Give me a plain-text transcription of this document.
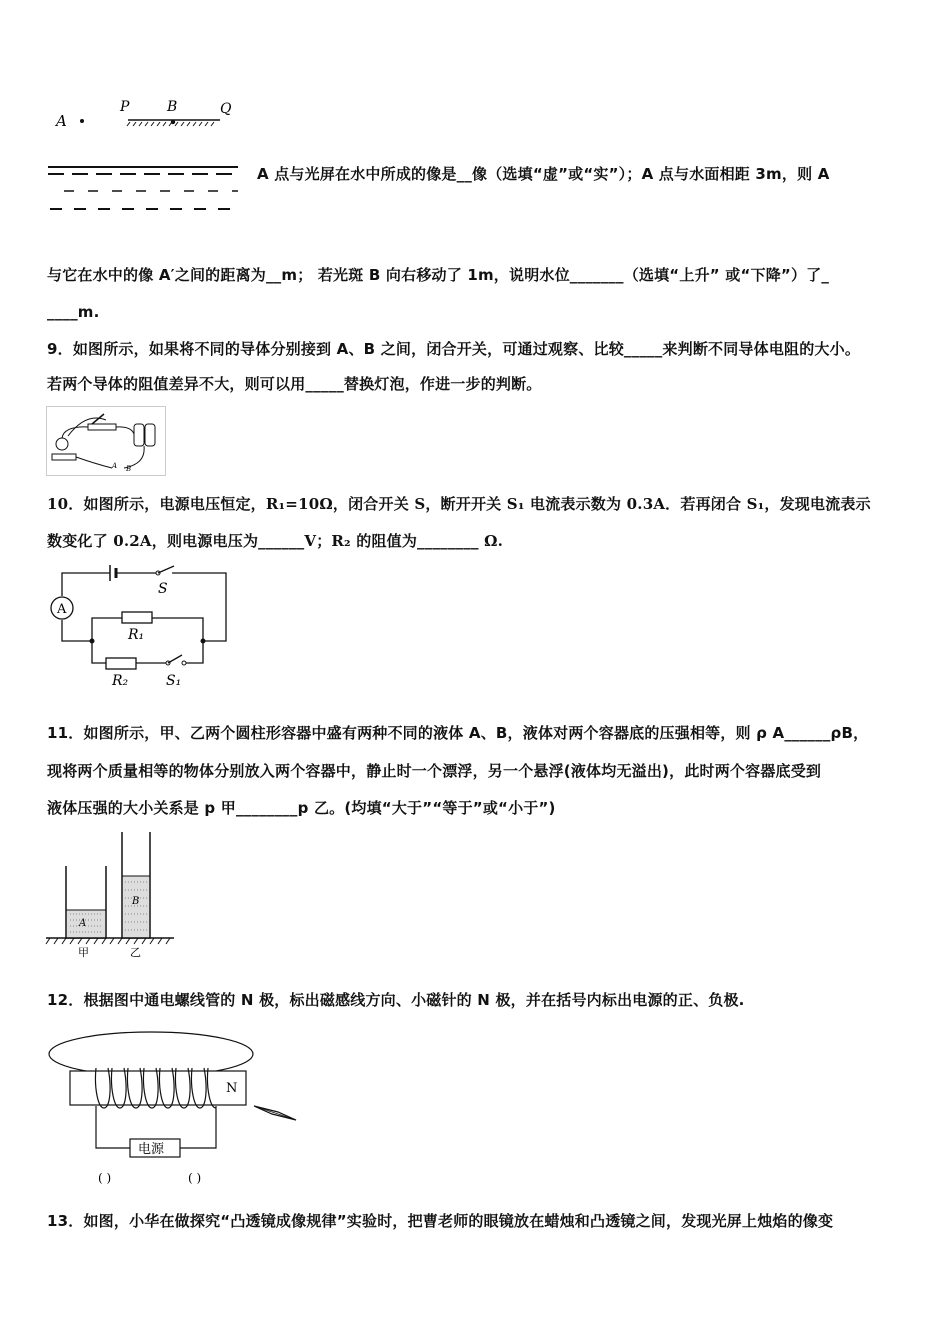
A
P	B	Q
A 点与光屏在水中所成的像是__像（选填“虚”或“实”）；A 点与水面相距 3m，则 A
与它在水中的像 A′之间的距离为__m； 若光斑 B 向右移动了 1m，说明水位_______（选填“上升” 或“下降”）了_
____m.
9．如图所示，如果将不同的导体分别接到 A、B 之间，闭合开关，可通过观察、比较_____来判断不同导体电阻的大小。
若两个导体的阻值差异不大，则可以用_____替换灯泡，作进一步的判断。
A B
10．如图所示，电源电压恒定，R₁=10Ω，闭合开关 S，断开开关 S₁ 电流表示数为 0.3A．若再闭合 S₁，发现电流表示
数变化了 0.2A，则电源电压为______V；R₂ 的阻值为________ Ω.
S
A
R₁
R₂	S₁
11．如图所示，甲、乙两个圆柱形容器中盛有两种不同的液体 A、B，液体对两个容器底的压强相等，则 ρ A______ρB，
现将两个质量相等的物体分别放入两个容器中，静止时一个漂浮，另一个悬浮(液体均无溢出)，此时两个容器底受到
液体压强的大小关系是 p 甲________p 乙。(均填“大于”“等于”或“小于”)
A
B
甲	乙
12．根据图中通电螺线管的 N 极，标出磁感线方向、小磁针的 N 极，并在括号内标出电源的正、负极.
N
电源
( )	( )
13．如图，小华在做探究“凸透镜成像规律”实验时，把曹老师的眼镜放在蜡烛和凸透镜之间，发现光屏上烛焰的像变
